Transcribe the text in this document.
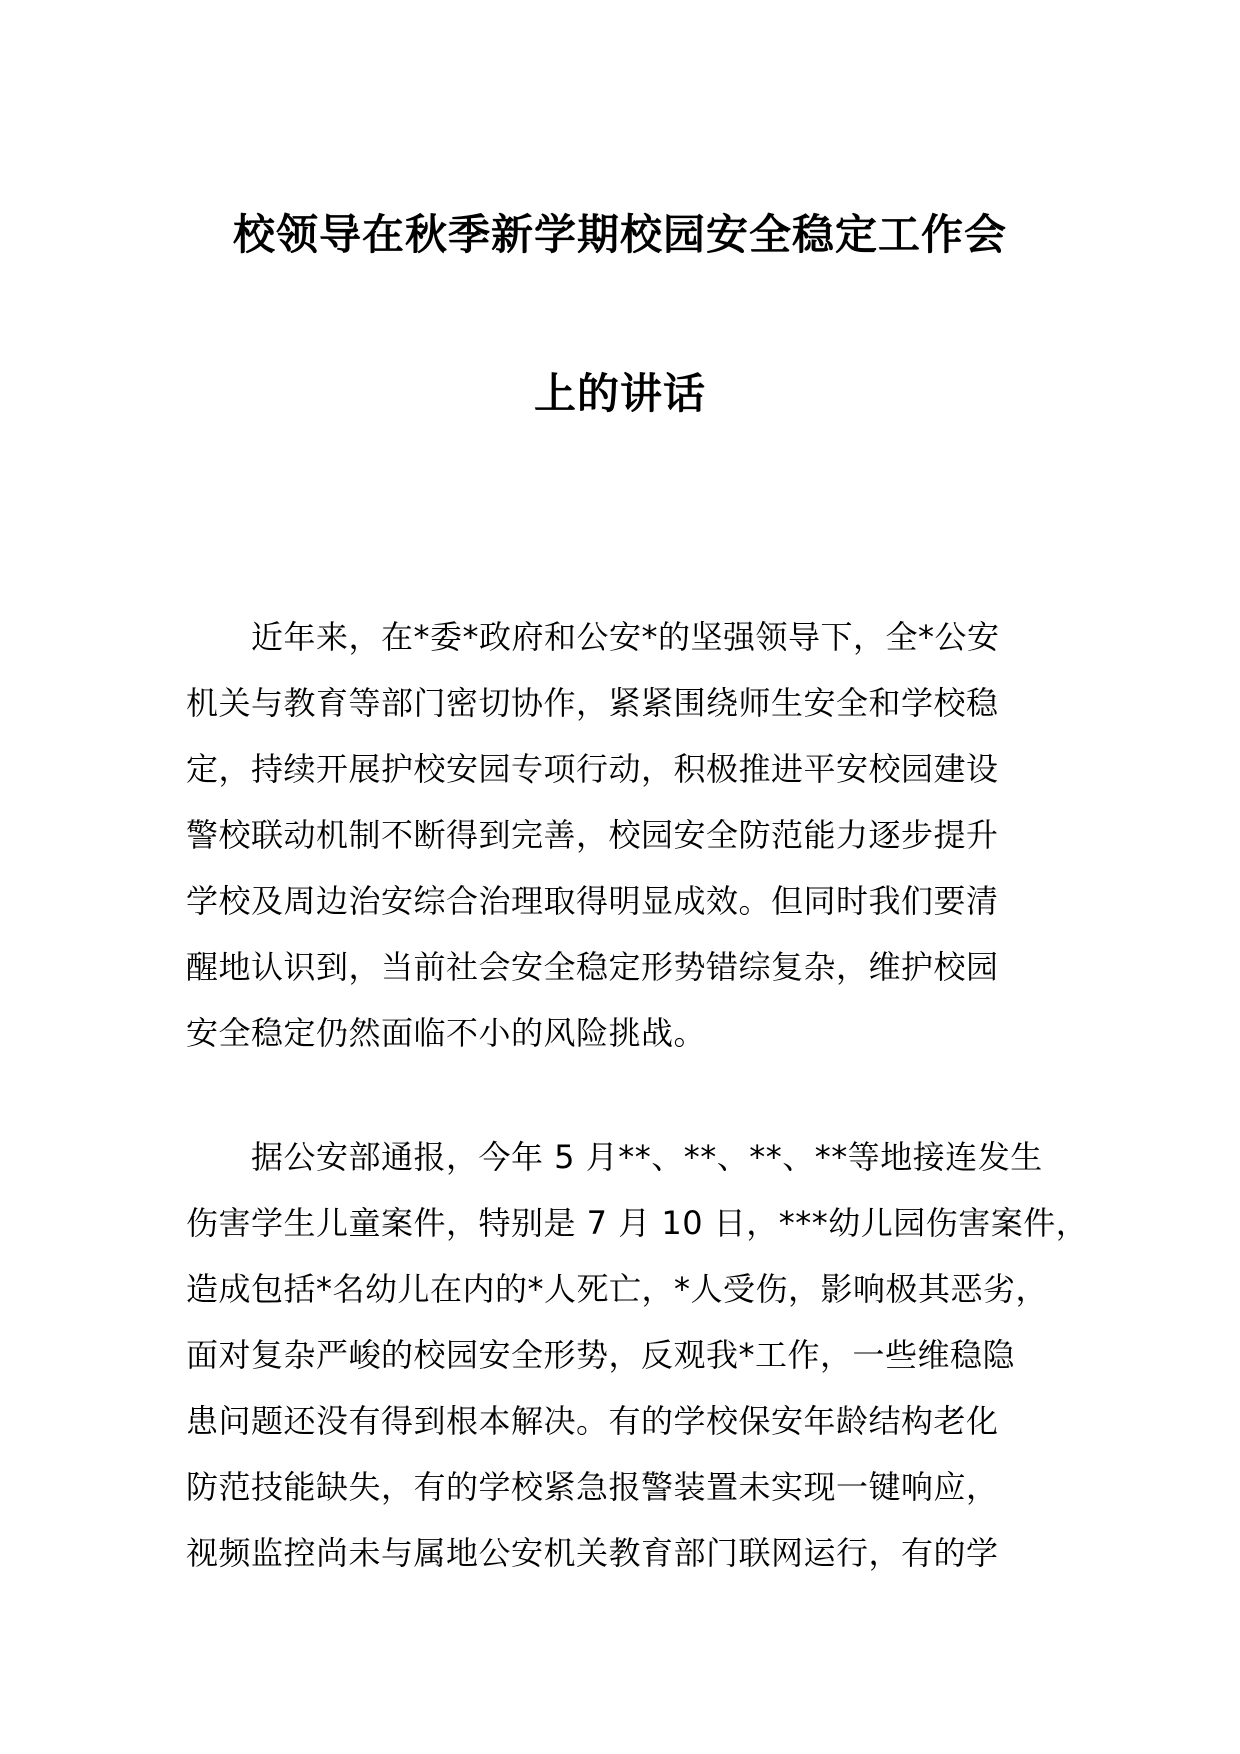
校领导在秋季新学期校园安全稳定工作会
上的讲话
　　近年来，在*委*政府和公安*的坚强领导下，全*公安
机关与教育等部门密切协作，紧紧围绕师生安全和学校稳
定，持续开展护校安园专项行动，积极推进平安校园建设
警校联动机制不断得到完善，校园安全防范能力逐步提升
学校及周边治安综合治理取得明显成效。但同时我们要清
醒地认识到，当前社会安全稳定形势错综复杂，维护校园
安全稳定仍然面临不小的风险挑战。
　　据公安部通报，今年 5 月**、**、**、**等地接连发生
伤害学生儿童案件，特别是 7 月 10 日，***幼儿园伤害案件，
造成包括*名幼儿在内的*人死亡，*人受伤，影响极其恶劣，
面对复杂严峻的校园安全形势，反观我*工作，一些维稳隐
患问题还没有得到根本解决。有的学校保安年龄结构老化
防范技能缺失，有的学校紧急报警装置未实现一键响应，
视频监控尚未与属地公安机关教育部门联网运行，有的学
